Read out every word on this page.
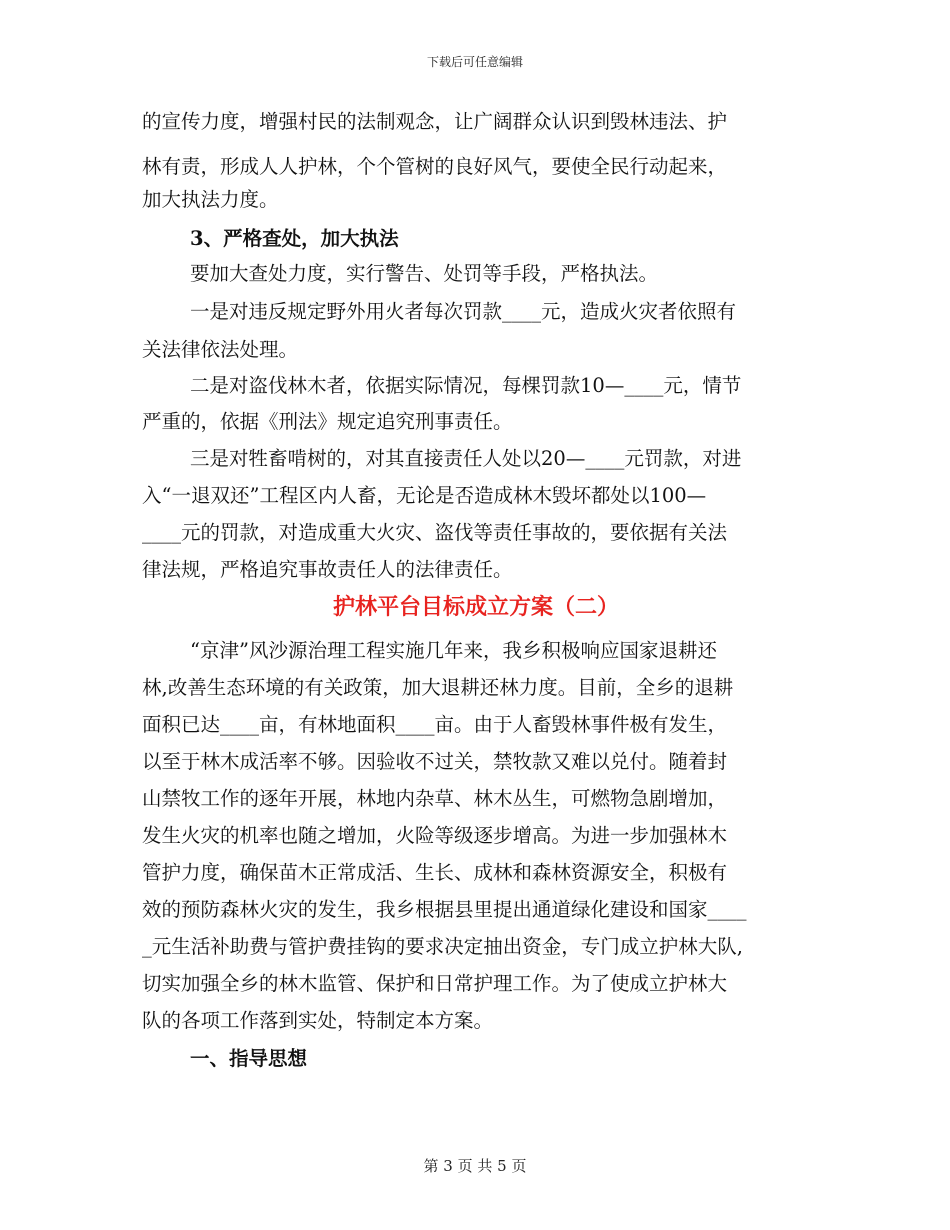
下载后可任意编辑
的宣传力度，增强村民的法制观念，让广阔群众认识到毁林违法、护
林有责，形成人人护林，个个管树的良好风气，要使全民行动起来，
加大执法力度。
3、严格查处，加大执法
要加大查处力度，实行警告、处罚等手段，严格执法。
一是对违反规定野外用火者每次罚款____元，造成火灾者依照有
关法律依法处理。
二是对盗伐林木者，依据实际情况，每棵罚款10—____元，情节
严重的，依据《刑法》规定追究刑事责任。
三是对牲畜啃树的，对其直接责任人处以20—____元罚款，对进
入“一退双还”工程区内人畜，无论是否造成林木毁坏都处以100—
____元的罚款，对造成重大火灾、盗伐等责任事故的，要依据有关法
律法规，严格追究事故责任人的法律责任。
护林平台目标成立方案（二）
“京津”风沙源治理工程实施几年来，我乡积极响应国家退耕还
林,改善生态环境的有关政策，加大退耕还林力度。目前，全乡的退耕
面积已达____亩，有林地面积____亩。由于人畜毁林事件极有发生，
以至于林木成活率不够。因验收不过关，禁牧款又难以兑付。随着封
山禁牧工作的逐年开展，林地内杂草、林木丛生，可燃物急剧增加，
发生火灾的机率也随之增加，火险等级逐步增高。为进一步加强林木
管护力度，确保苗木正常成活、生长、成林和森林资源安全，积极有
效的预防森林火灾的发生，我乡根据县里提出通道绿化建设和国家____
_元生活补助费与管护费挂钩的要求决定抽出资金，专门成立护林大队,
切实加强全乡的林木监管、保护和日常护理工作。为了使成立护林大
队的各项工作落到实处，特制定本方案。
一、指导思想
第 3 页 共 5 页
